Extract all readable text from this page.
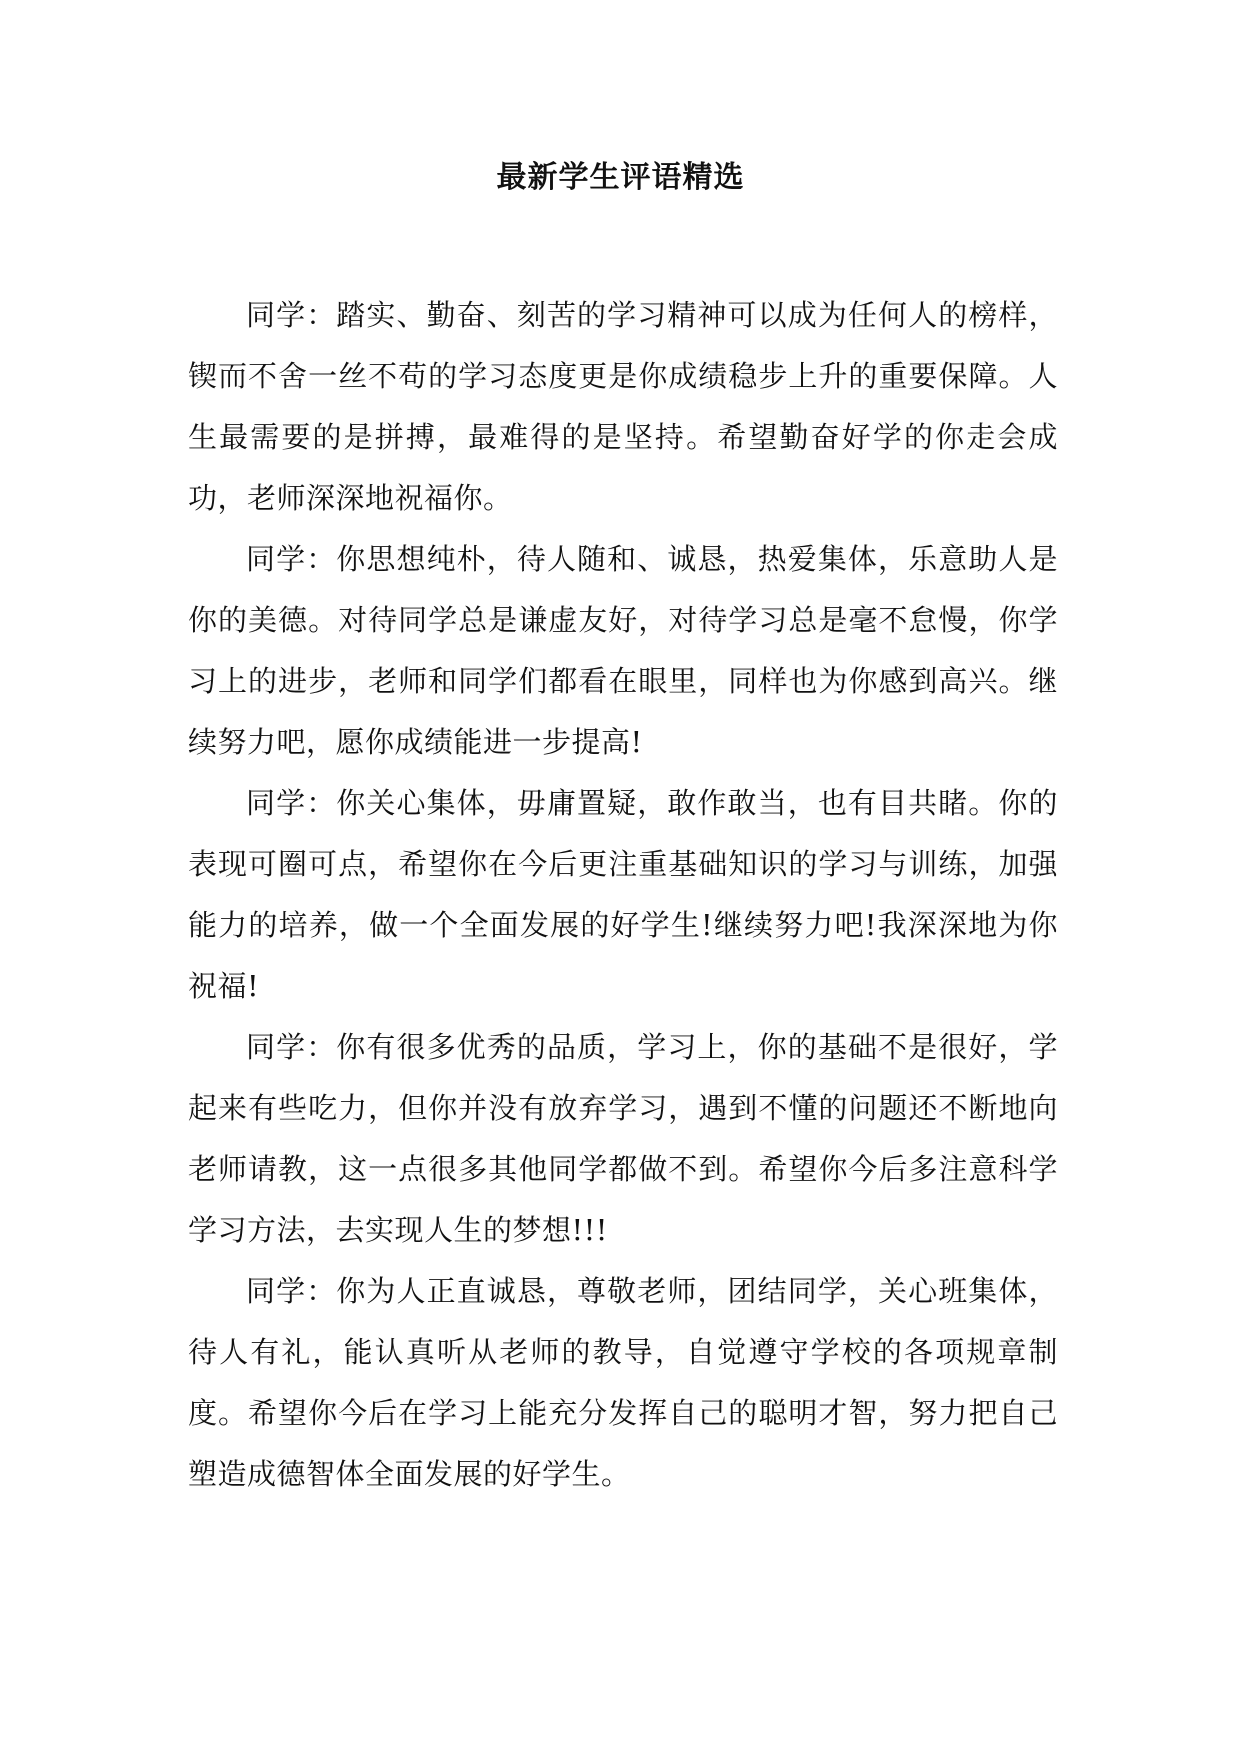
最新学生评语精选

同学：踏实、勤奋、刻苦的学习精神可以成为任何人的榜样，锲而不舍一丝不苟的学习态度更是你成绩稳步上升的重要保障。人生最需要的是拼搏，最难得的是坚持。希望勤奋好学的你走会成功，老师深深地祝福你。

同学：你思想纯朴，待人随和、诚恳，热爱集体，乐意助人是你的美德。对待同学总是谦虚友好，对待学习总是毫不怠慢，你学习上的进步，老师和同学们都看在眼里，同样也为你感到高兴。继续努力吧，愿你成绩能进一步提高!

同学：你关心集体，毋庸置疑，敢作敢当，也有目共睹。你的表现可圈可点，希望你在今后更注重基础知识的学习与训练，加强能力的培养，做一个全面发展的好学生!继续努力吧!我深深地为你祝福!

同学：你有很多优秀的品质，学习上，你的基础不是很好，学起来有些吃力，但你并没有放弃学习，遇到不懂的问题还不断地向老师请教，这一点很多其他同学都做不到。希望你今后多注意科学学习方法，去实现人生的梦想!!!

同学：你为人正直诚恳，尊敬老师，团结同学，关心班集体，待人有礼，能认真听从老师的教导，自觉遵守学校的各项规章制度。希望你今后在学习上能充分发挥自己的聪明才智，努力把自己塑造成德智体全面发展的好学生。
